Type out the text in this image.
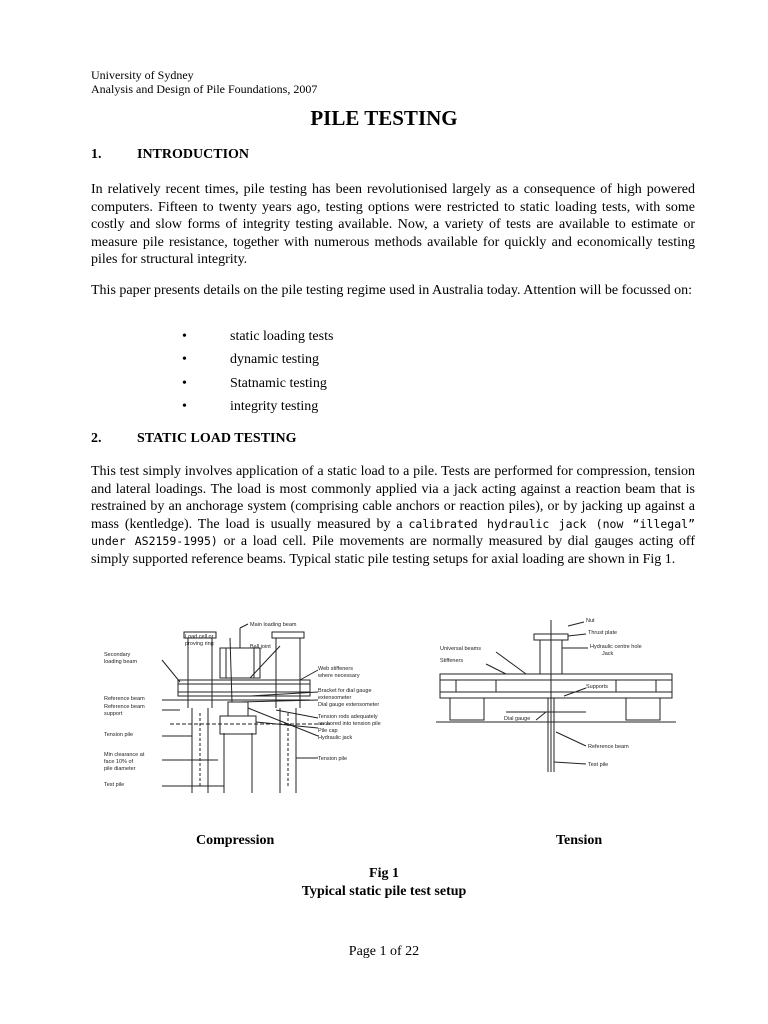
University of Sydney
Analysis and Design of Pile Foundations, 2007
PILE TESTING
1.	INTRODUCTION
In relatively recent times, pile testing has been revolutionised largely as a consequence of high powered computers. Fifteen to twenty years ago, testing options were restricted to static loading tests, with some costly and slow forms of integrity testing available. Now, a variety of tests are available to estimate or measure pile resistance, together with numerous methods available for quickly and economically testing piles for structural integrity.
This paper presents details on the pile testing regime used in Australia today. Attention will be focussed on:
•	static loading tests
•	dynamic testing
•	Statnamic testing
•	integrity testing
2.	STATIC LOAD TESTING
This test simply involves application of a static load to a pile. Tests are performed for compression, tension and lateral loadings. The load is most commonly applied via a jack acting against a reaction beam that is restrained by an anchorage system (comprising cable anchors or reaction piles), or by jacking up against a mass (kentledge). The load is usually measured by a calibrated hydraulic jack (now “illegal” under AS2159-1995) or a load cell. Pile movements are normally measured by dial gauges acting off simply supported reference beams. Typical static pile testing setups for axial loading are shown in Fig 1.
Main loading beam
Load cell or
proving ring	Ball joint
Secondary
loading beam
Web stiffeners
where necessary
Reference beam
Reference beam
support
Bracket for dial gauge
extensometer
Dial gauge extensometer
Tension rods adequately
anchored into tension pile
Pile cap
Hydraulic jack
Tension pile
Tension pile
Min clearance at
face 10% of
pile diameter
Test pile
Nut
Thrust plate
Hydraulic centre hole
Jack
Universal beams
Stiffeners
Supports
Dial gauge
Reference beam
Test pile
Compression	Tension
Fig 1
Typical static pile test setup
Page 1 of 22
